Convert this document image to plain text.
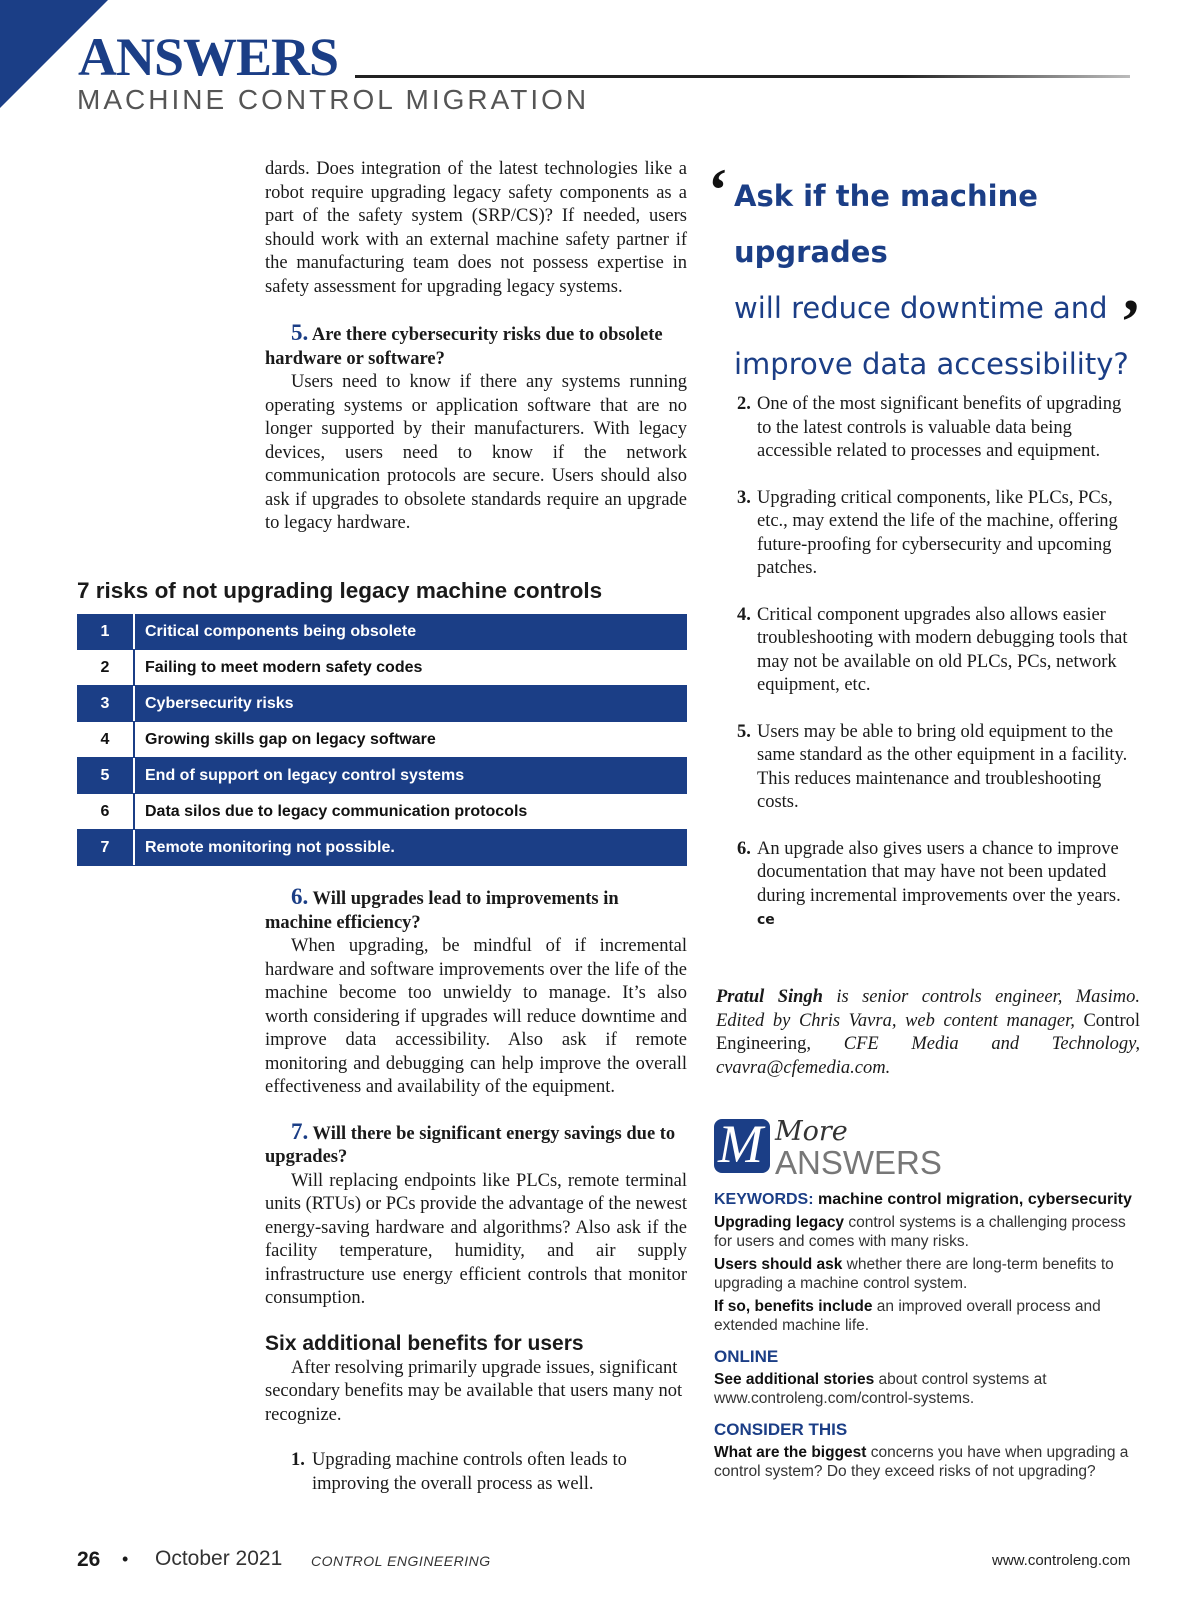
ANSWERS
MACHINE CONTROL MIGRATION

dards. Does integration of the latest technologies like a robot require upgrading legacy safety components as a part of the safety system (SRP/CS)? If needed, users should work with an external machine safety partner if the manufacturing team does not possess expertise in safety assessment for upgrading legacy systems.

5. Are there cybersecurity risks due to obsolete hardware or software?

Users need to know if there any systems running operating systems or application software that are no longer supported by their manufacturers. With legacy devices, users need to know if the network communication protocols are secure. Users should also ask if upgrades to obsolete standards require an upgrade to legacy hardware.

7 risks of not upgrading legacy machine controls
1	Critical components being obsolete
2	Failing to meet modern safety codes
3	Cybersecurity risks
4	Growing skills gap on legacy software
5	End of support on legacy control systems
6	Data silos due to legacy communication protocols
7	Remote monitoring not possible.

6. Will upgrades lead to improvements in machine efficiency?

When upgrading, be mindful of if incremental hardware and software improvements over the life of the machine become too unwieldy to manage. It’s also worth considering if upgrades will reduce downtime and improve data accessibility. Also ask if remote monitoring and debugging can help improve the overall effectiveness and availability of the equipment.

7. Will there be significant energy savings due to upgrades?

Will replacing endpoints like PLCs, remote terminal units (RTUs) or PCs provide the advantage of the newest energy-saving hardware and algorithms? Also ask if the facility temperature, humidity, and air supply infrastructure use energy efficient controls that monitor consumption.

Six additional benefits for users

After resolving primarily upgrade issues, significant secondary benefits may be available that users many not recognize.

1. Upgrading machine controls often leads to improving the overall process as well.

‘ Ask if the machine upgrades
will reduce downtime and
improve data accessibility?
’
2. One of the most significant benefits of upgrading to the latest controls is valuable data being accessible related to processes and equipment.

3. Upgrading critical components, like PLCs, PCs, etc., may extend the life of the machine, offering future-proofing for cybersecurity and upcoming patches.

4. Critical component upgrades also allows easier troubleshooting with modern debugging tools that may not be available on old PLCs, PCs, network equipment, etc.

5. Users may be able to bring old equipment to the same standard as the other equipment in a facility. This reduces maintenance and troubleshooting costs.

6. An upgrade also gives users a chance to improve documentation that may have not been updated during incremental improvements over the years. ce

Pratul Singh is senior controls engineer, Masimo. Edited by Chris Vavra, web content manager, Control Engineering, CFE Media and Technology, cvavra@cfemedia.com.
M More
ANSWERS
KEYWORDS: machine control migration, cybersecurity
Upgrading legacy control systems is a challenging process for users and comes with many risks.
Users should ask whether there are long-term benefits to upgrading a machine control system.
If so, benefits include an improved overall process and extended machine life.
ONLINE
See additional stories about control systems at www.controleng.com/control-systems.
CONSIDER THIS
What are the biggest concerns you have when upgrading a control system? Do they exceed risks of not upgrading?
26 • October 2021 CONTROL ENGINEERING	www.controleng.com
